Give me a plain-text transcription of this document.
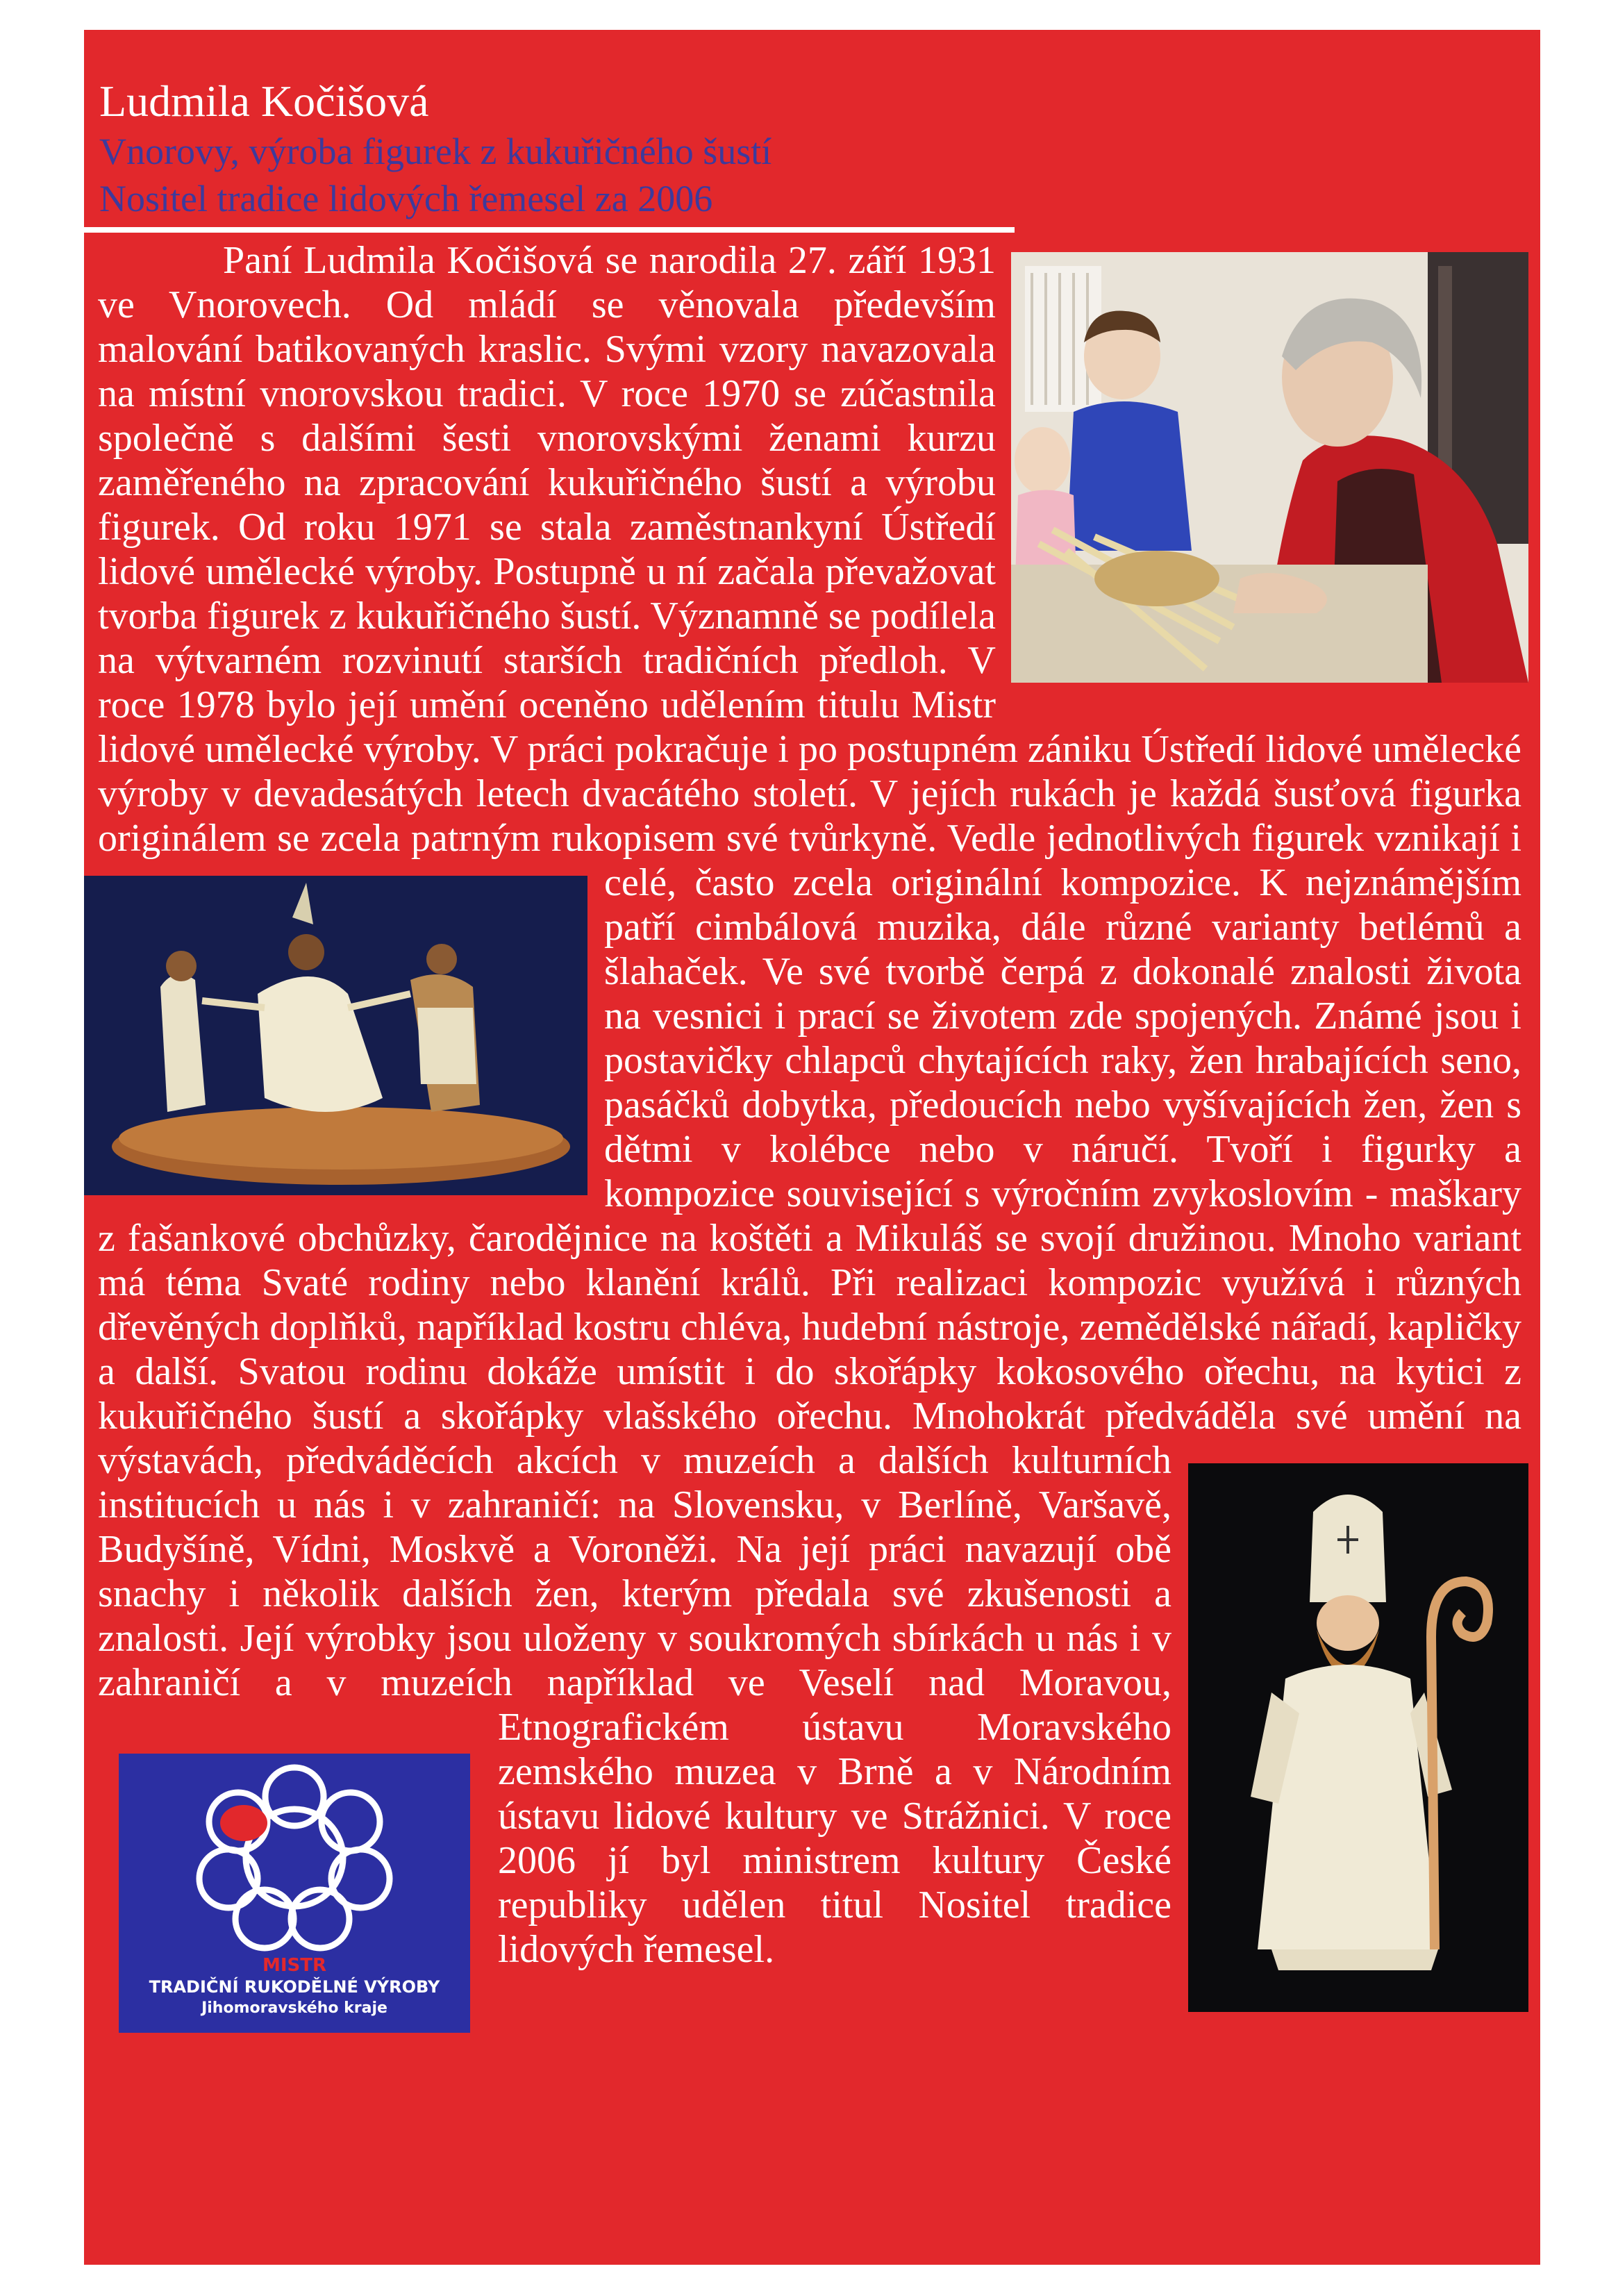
Ludmila Kočišová
Vnorovy, výroba figurek z kukuřičného šustí
Nositel tradice lidových řemesel za 2006
Paní Ludmila Kočišová se narodila 27. září 1931 ve Vnorovech. Od mládí se věnovala především malování batikovaných kraslic. Svými vzory navazovala na místní vnorovskou tradici. V roce 1970 se zúčastnila společně s dalšími šesti vnorovskými ženami kurzu zaměřeného na zpracování kukuřičného šustí a výrobu figurek. Od roku 1971 se stala zaměstnankyní Ústředí lidové umělecké výroby. Postupně u ní začala převažovat tvorba figurek z kukuřičného šustí. Významně se podílela na výtvarném rozvinutí starších tradičních předloh. V roce 1978 bylo její umění oceněno udělením titulu Mistr lidové umělecké výroby. V práci pokračuje i po postupném zániku Ústředí lidové umělecké výroby v devadesátých letech dvacátého století. V jejích rukách je každá šusťová figurka originálem se zcela patrným rukopisem své tvůrkyně. Vedle jednotlivých figurek vznikají i celé, často zcela originální
kompozice. K nejznámějším patří cimbálová muzika, dále různé varianty betlémů a šlahaček. Ve své tvorbě čerpá z dokonalé znalosti života na vesnici i prací se životem zde spojených. Známé jsou i postavičky chlapců chytajících raky, žen hrabajících seno, pasáčků dobytka, předoucích nebo vyšívajících žen, žen s dětmi v kolébce nebo v náručí. Tvoří i figurky a kompozice související s výročním zvykoslovím - maškary z fašankové obchůzky, čarodějnice na koštěti a Mikuláš se svojí družinou. Mnoho variant má téma Svaté rodiny nebo klanění králů. Při realizaci kompozic využívá i různých dřevěných doplňků, například kostru chléva, hudební nástroje, zemědělské nářadí, kapličky a další. Svatou rodinu dokáže umístit i do skořápky kokosového ořechu, na kytici z kukuřičného šustí a skořápky vlašského ořechu. Mnohokrát předváděla své umění na výstavách,
předváděcích akcích v muzeích a dalších kulturních institucích u nás i v zahraničí: na Slovensku, v Berlíně, Varšavě, Budyšíně, Vídni, Moskvě a Voroněži. Na její práci navazují obě snachy i několik dalších žen, kterým předala své zkušenosti a znalosti. Její výrobky jsou uloženy v soukromých sbírkách u nás i v zahraničí a v muzeích například ve Veselí nad Moravou, Etnografickém
MISTR
TRADIČNÍ RUKODĚLNÉ VÝROBY
Jihomoravského kraje
ústavu Moravského zemského muzea v Brně a v Národním ústavu lidové kultury ve Strážnici. V roce 2006 jí byl ministrem kultury České republiky udělen titul Nositel tradice lidových řemesel.
